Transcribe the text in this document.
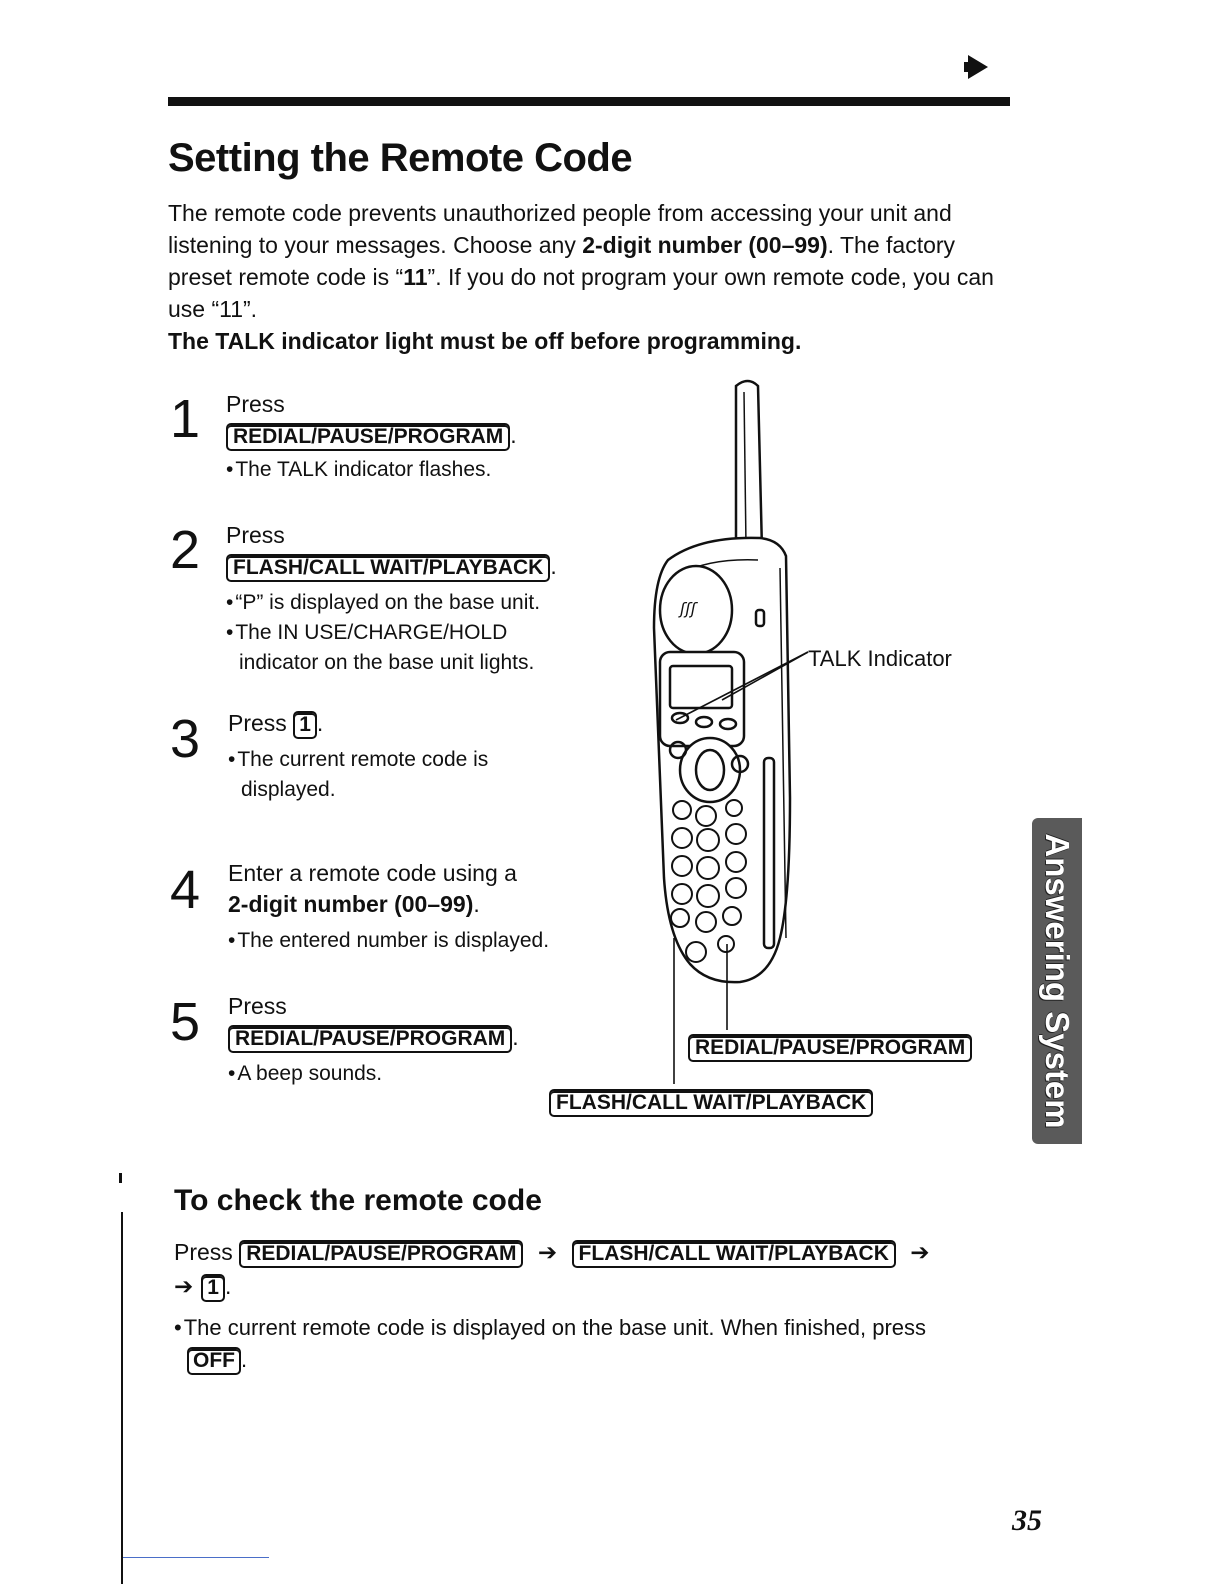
Setting the Remote Code

The remote code prevents unauthorized people from accessing your unit and listening to your messages. Choose any 2-digit number (00–99). The factory preset remote code is “11”. If you do not program your own remote code, you can use “11”.

The TALK indicator light must be off before programming.

1 Press
REDIAL/PAUSE/PROGRAM .
• The TALK indicator flashes.
2 Press
FLASH/CALL WAIT/PLAYBACK .
• “P” is displayed on the base unit.
• The IN USE/CHARGE/HOLD
indicator on the base unit lights.
3 Press 1 .
• The current remote code is
displayed.
4 Enter a remote code using a
2-digit number (00–99).
• The entered number is displayed.
5 Press
REDIAL/PAUSE/PROGRAM .
• A beep sounds.
ʃʃʃ
TALK Indicator
REDIAL/PAUSE/PROGRAM
FLASH/CALL WAIT/PLAYBACK	Answering System
To check the remote code
Press REDIAL/PAUSE/PROGRAM ➔ FLASH/CALL WAIT/PLAYBACK ➔
➔ 1 .
• The current remote code is displayed on the base unit. When finished, press
OFF .
35
